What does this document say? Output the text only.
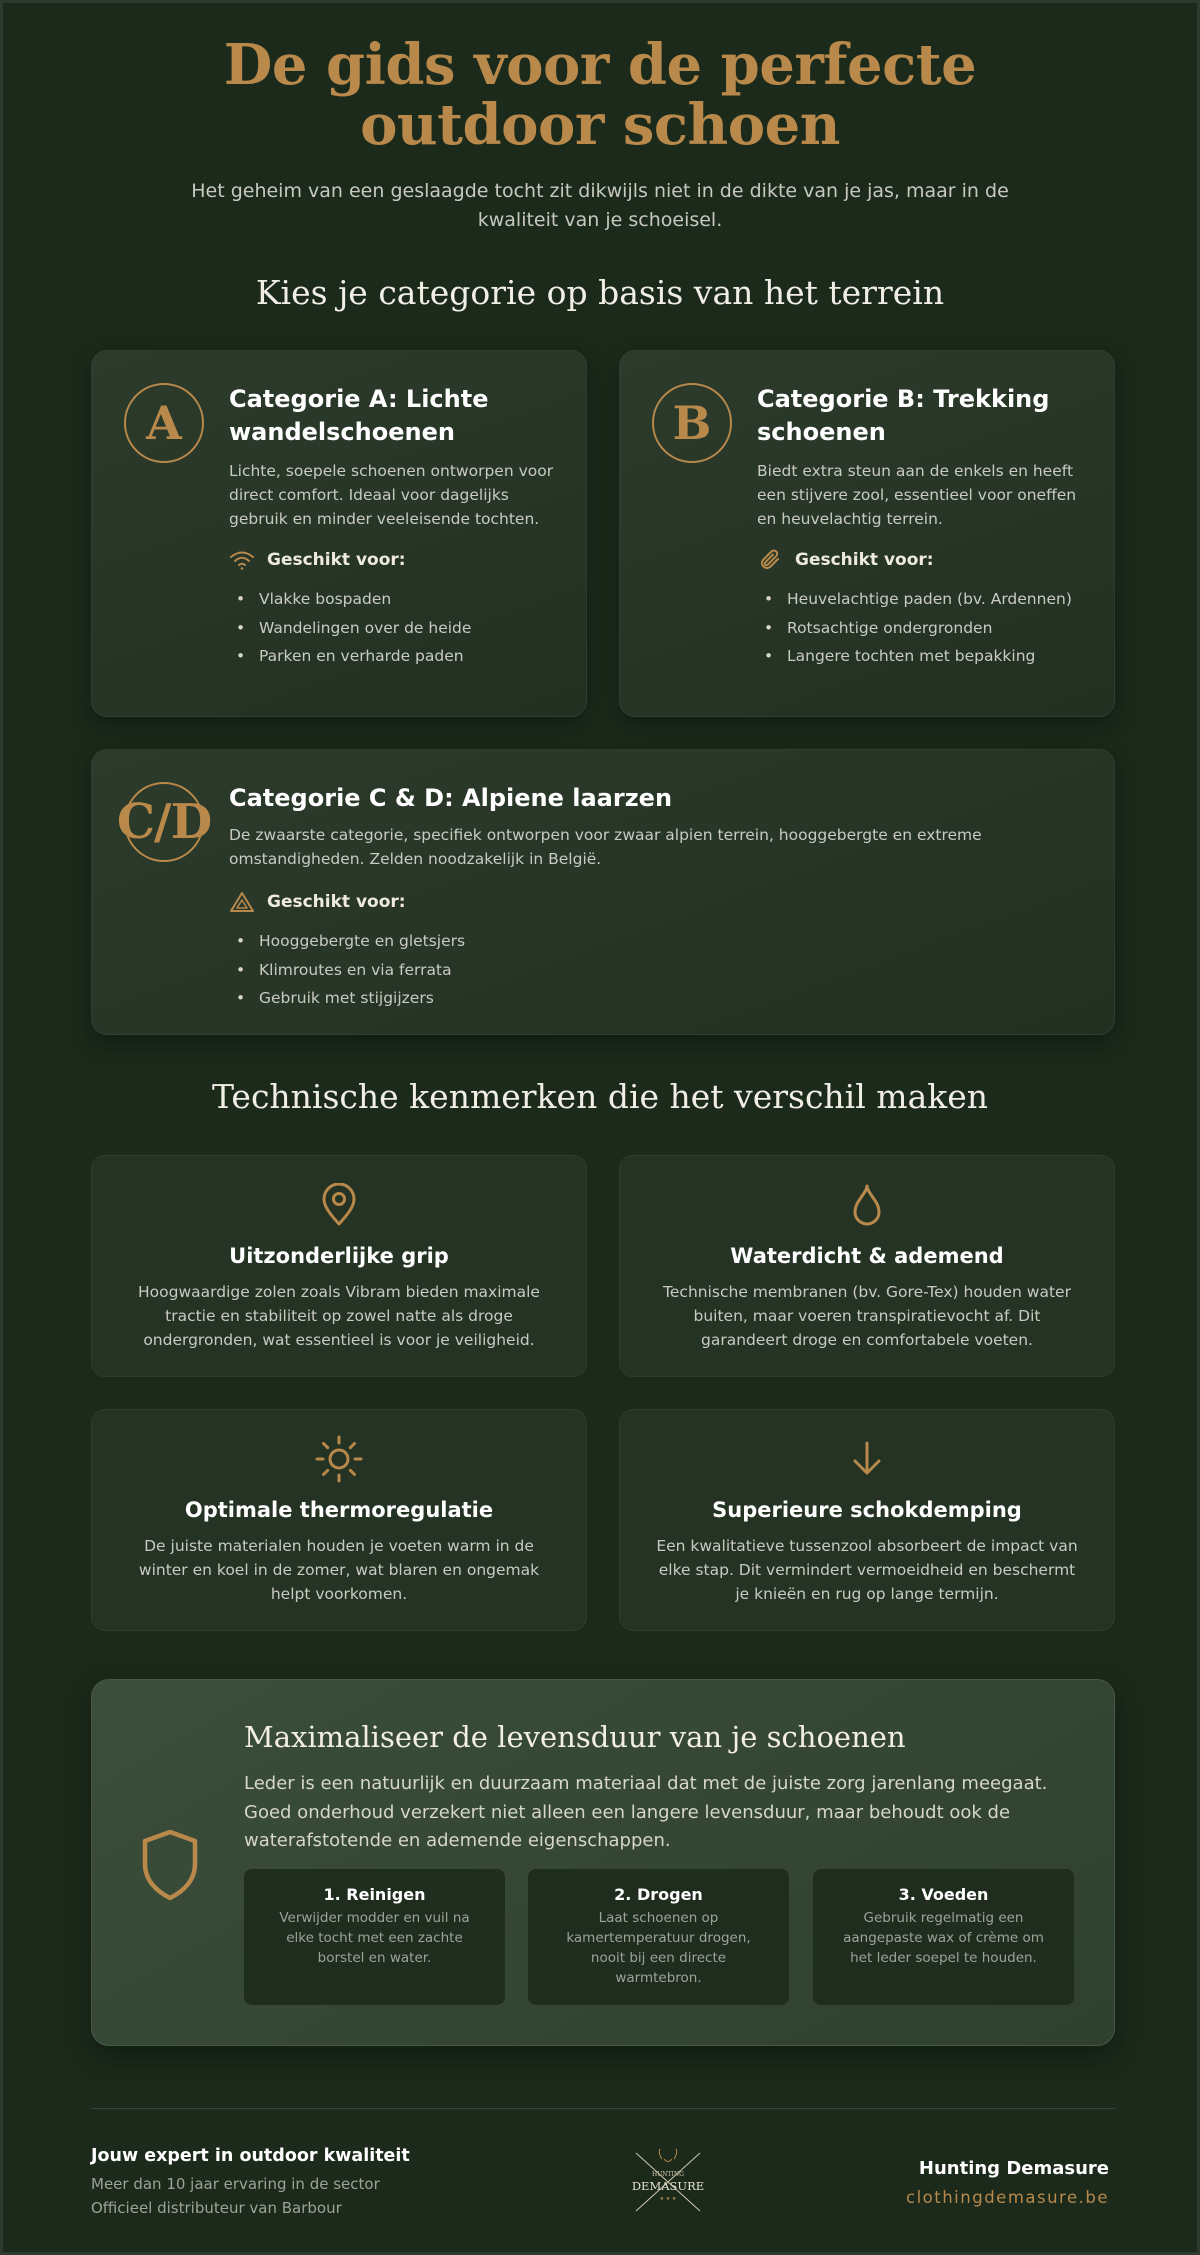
De gids voor de perfecte outdoor schoen

Het geheim van een geslaagde tocht zit dikwijls niet in de dikte van je jas, maar in de kwaliteit van je schoeisel.

Kies je categorie op basis van het terrein
A	Categorie A: Lichte wandelschoenen

Lichte, soepele schoenen ontworpen voor direct comfort. Ideaal voor dagelijks gebruik en minder veeleisende tochten.

Geschikt voor:
• Vlakke bospaden
• Wandelingen over de heide
• Parken en verharde paden
B	Categorie B: Trekking schoenen

Biedt extra steun aan de enkels en heeft een stijvere zool, essentieel voor oneffen en heuvelachtig terrein.

Geschikt voor:
• Heuvelachtige paden (bv. Ardennen)
• Rotsachtige ondergronden
• Langere tochten met bepakking
C/D Categorie C & D: Alpiene laarzen

De zwaarste categorie, specifiek ontworpen voor zwaar alpien terrein, hooggebergte en extreme omstandigheden. Zelden noodzakelijk in België.

Geschikt voor:
• Hooggebergte en gletsjers
• Klimroutes en via ferrata
• Gebruik met stijgijzers
Technische kenmerken die het verschil maken
Uitzonderlijke grip

Hoogwaardige zolen zoals Vibram bieden maximale tractie en stabiliteit op zowel natte als droge ondergronden, wat essentieel is voor je veiligheid.

Waterdicht & ademend

Technische membranen (bv. Gore-Tex) houden water buiten, maar voeren transpiratievocht af. Dit garandeert droge en comfortabele voeten.

Optimale thermoregulatie

De juiste materialen houden je voeten warm in de winter en koel in de zomer, wat blaren en ongemak helpt voorkomen.

Superieure schokdemping

Een kwalitatieve tussenzool absorbeert de impact van elke stap. Dit vermindert vermoeidheid en beschermt je knieën en rug op lange termijn.

Maximaliseer de levensduur van je schoenen

Leder is een natuurlijk en duurzaam materiaal dat met de juiste zorg jarenlang meegaat. Goed onderhoud verzekert niet alleen een langere levensduur, maar behoudt ook de waterafstotende en ademende eigenschappen.

1. Reinigen

Verwijder modder en vuil na elke tocht met een zachte borstel en water.

2. Drogen

Laat schoenen op kamertemperatuur drogen, nooit bij een directe warmtebron.

3. Voeden

Gebruik regelmatig een aangepaste wax of crème om het leder soepel te houden.

Jouw expert in outdoor kwaliteit
Meer dan 10 jaar ervaring in de sector
Officieel distributeur van Barbour
HUNTING
DEMASURE
★ ★ ★
Hunting Demasure
clothingdemasure.be
